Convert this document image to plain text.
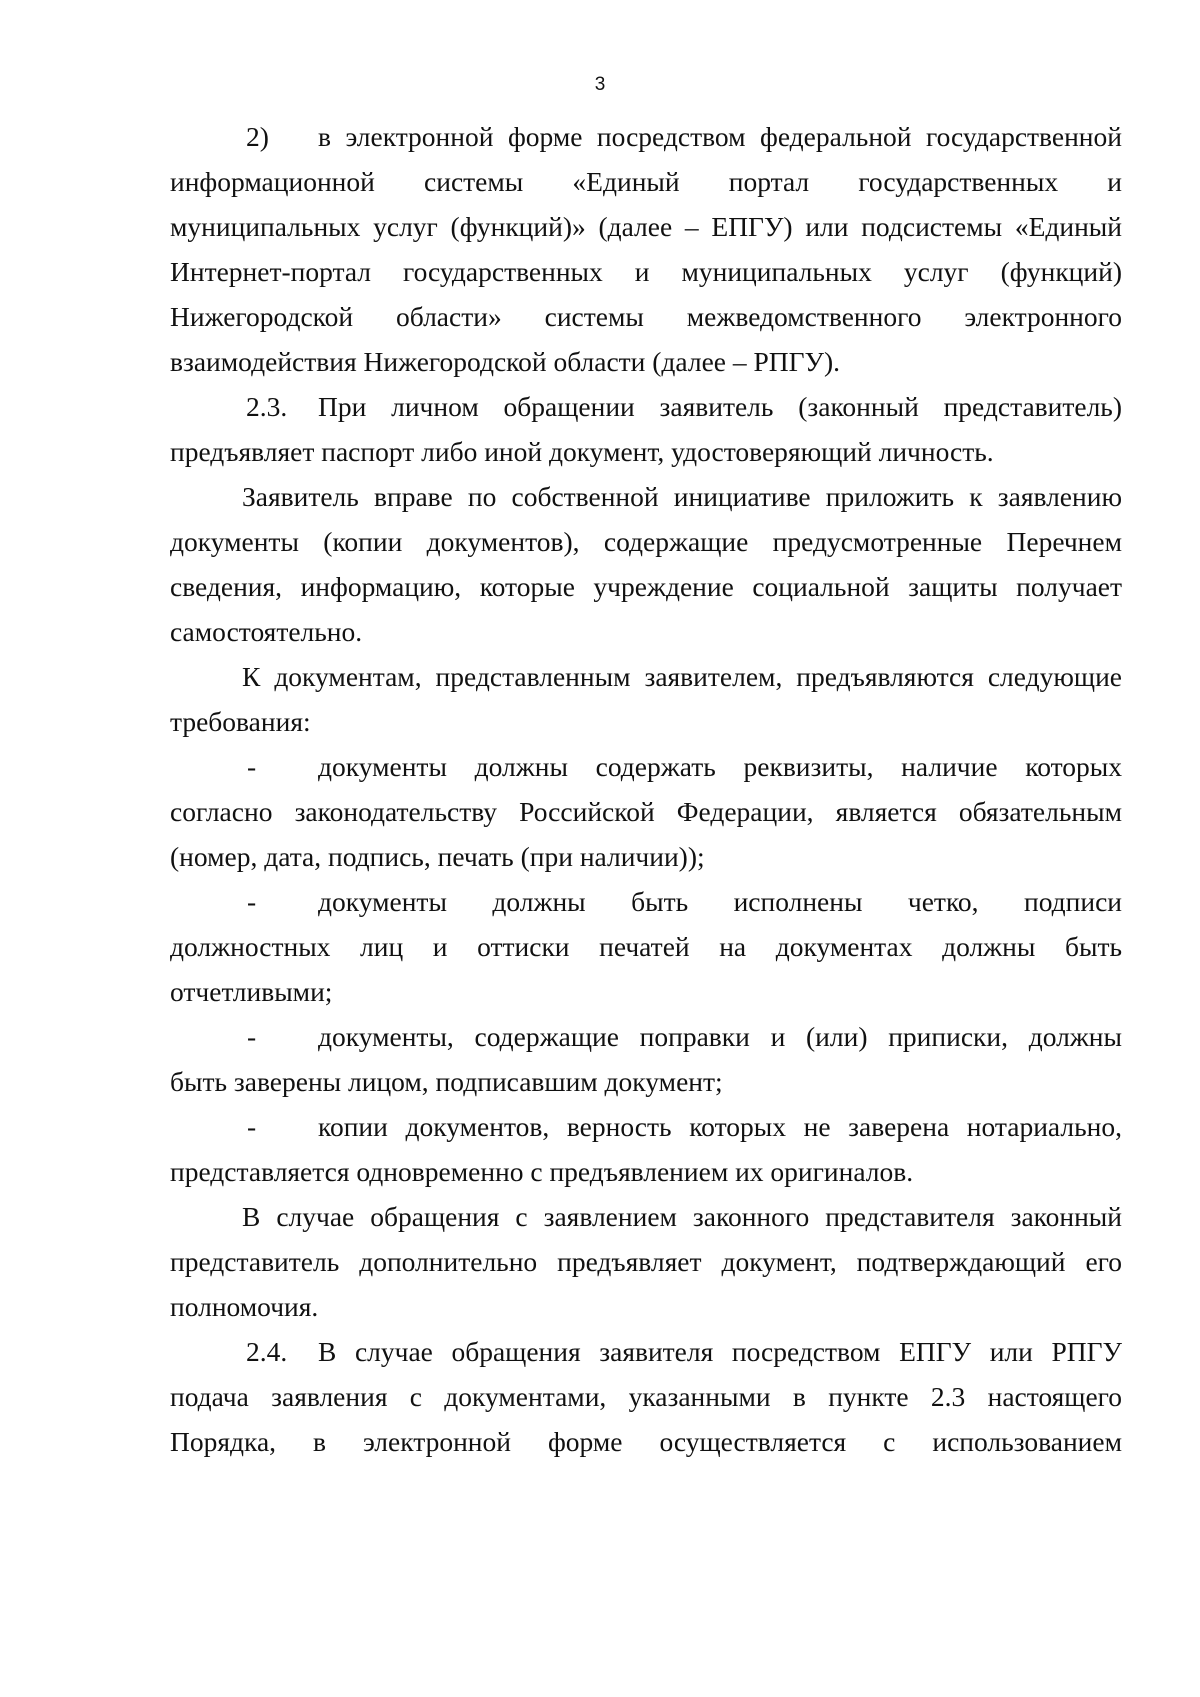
3
2) в электронной форме посредством федеральной государственной
информационной системы «Единый портал государственных и
муниципальных услуг (функций)» (далее – ЕПГУ) или подсистемы «Единый
Интернет-портал государственных и муниципальных услуг (функций)
Нижегородской области» системы межведомственного электронного
взаимодействия Нижегородской области (далее – РПГУ).
2.3. При личном обращении заявитель (законный представитель)
предъявляет паспорт либо иной документ, удостоверяющий личность.
Заявитель вправе по собственной инициативе приложить к заявлению
документы (копии документов), содержащие предусмотренные Перечнем
сведения, информацию, которые учреждение социальной защиты получает
самостоятельно.
К документам, представленным заявителем, предъявляются следующие
требования:
- документы должны содержать реквизиты, наличие которых
согласно законодательству Российской Федерации, является обязательным
(номер, дата, подпись, печать (при наличии));
- документы должны быть исполнены четко, подписи
должностных лиц и оттиски печатей на документах должны быть
отчетливыми;
- документы, содержащие поправки и (или) приписки, должны
быть заверены лицом, подписавшим документ;
- копии документов, верность которых не заверена нотариально,
представляется одновременно с предъявлением их оригиналов.
В случае обращения с заявлением законного представителя законный
представитель дополнительно предъявляет документ, подтверждающий его
полномочия.
2.4. В случае обращения заявителя посредством ЕПГУ или РПГУ
подача заявления с документами, указанными в пункте 2.3 настоящего
Порядка, в электронной форме осуществляется с использованием
